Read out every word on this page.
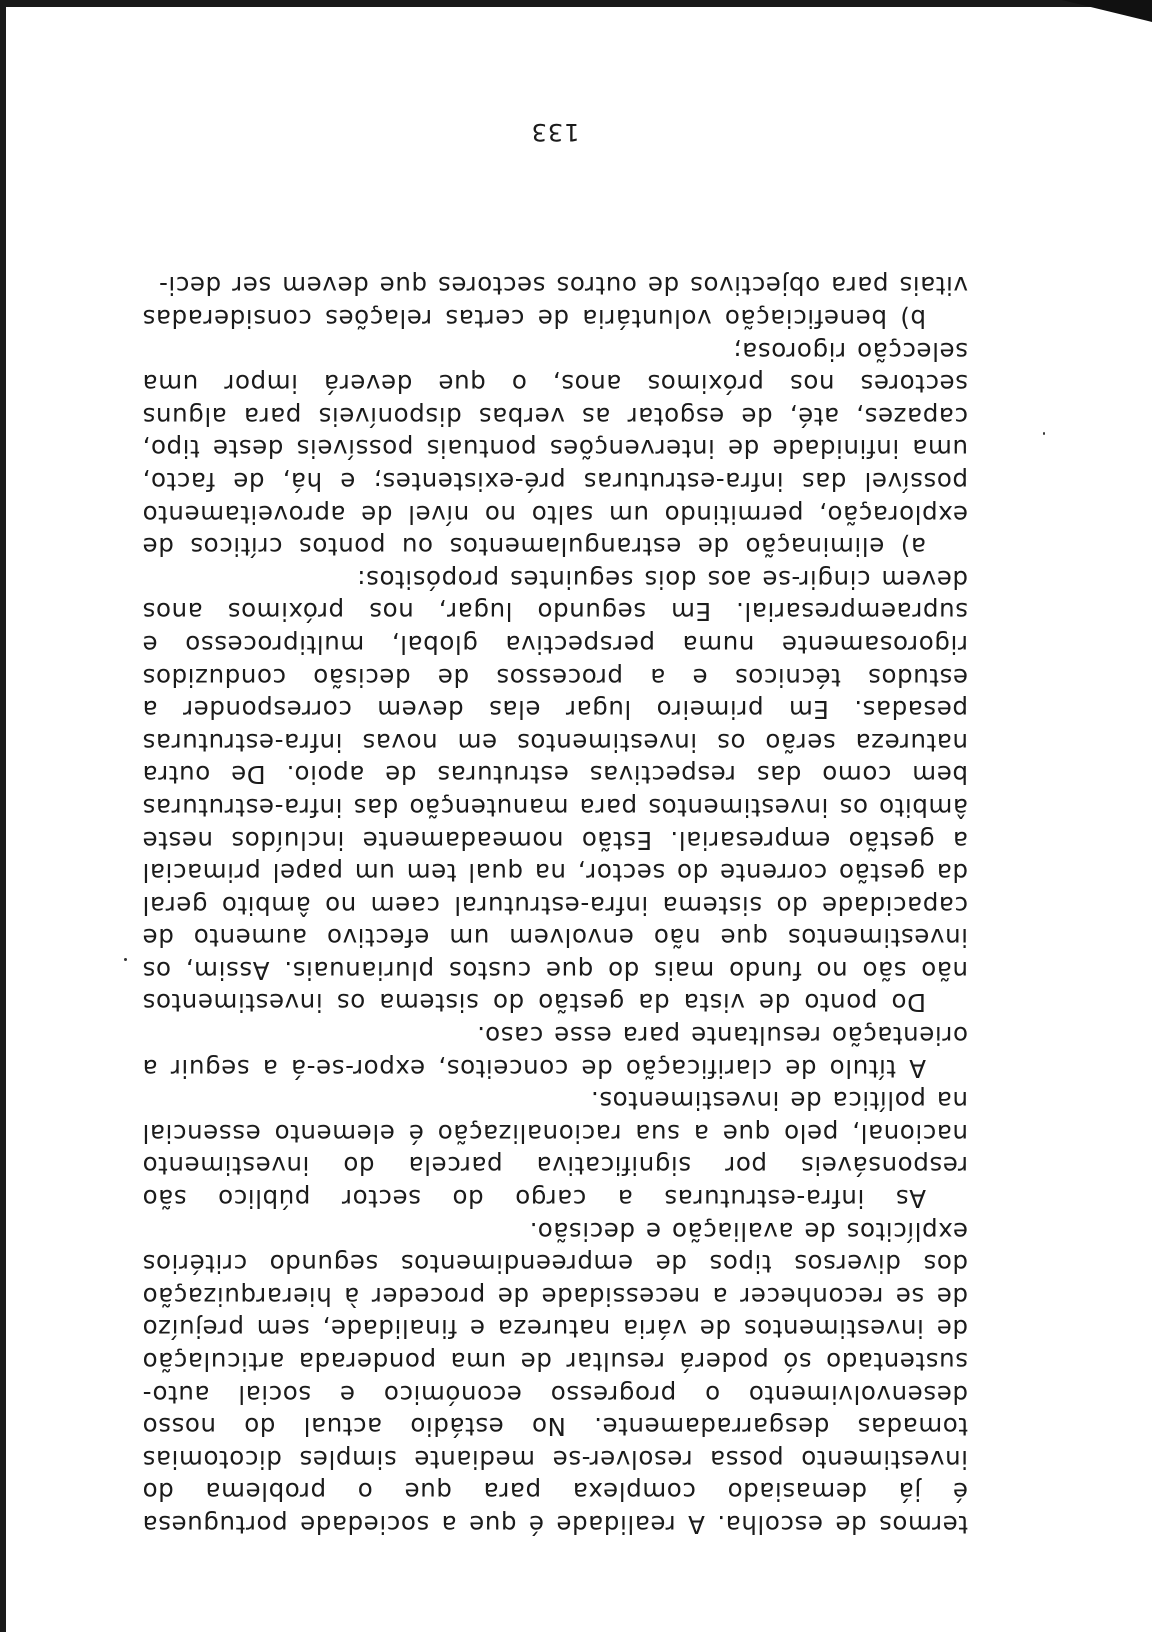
termos de escolha. A realidade é que a sociedade portuguesa é já demasiado complexa para que o problema do investimento possa resolver-se mediante simples dicotomias tomadas desgarradamente. No estádio actual do nosso desenvolvimento o progresso económico e social auto-sustentado só poderá resultar de uma ponderada articulação de investimentos de vária natureza e finalidade, sem prejuízo de se reconhecer a necessidade de proceder à hierarquização dos diversos tipos de empreendimentos segundo critérios explícitos de avaliação e decisão.

As infra-estruturas a cargo do sector público são responsáveis por significativa parcela do investimento nacional, pelo que a sua racionalização é elemento essencial na política de investimentos.

A título de clarificação de conceitos, expor-se-á a seguir a orientação resultante para esse caso.

Do ponto de vista da gestão do sistema os investimentos não são no fundo mais do que custos plurianuais. Assim, os investimentos que não envolvem um efectivo aumento de capacidade do sistema infra-estrutural caem no âmbito geral da gestão corrente do sector, na qual tem um papel primacial a gestão empresarial. Estão nomeadamente incluídos neste âmbito os investimentos para manutenção das infra-estruturas bem como das respectivas estruturas de apoio. De outra natureza serão os investimentos em novas infra-estruturas pesadas. Em primeiro lugar elas devem corresponder a estudos técnicos e a processos de decisão conduzidos rigorosamente numa perspectiva global, multiprocesso e supraempresarial. Em segundo lugar, nos próximos anos devem cingir-se aos dois seguintes propósitos:

a) eliminação de estrangulamentos ou pontos críticos de exploração, permitindo um salto no nível de aproveitamento possível das infra-estruturas pré-existentes; e há, de facto, uma infinidade de intervenções pontuais possíveis deste tipo, capazes, até, de esgotar as verbas disponíveis para alguns sectores nos próximos anos, o que deverá impor uma selecção rigorosa;

b) beneficiação voluntária de certas relações consideradas vitais para objectivos de outros sectores que devem ser deci-

133
